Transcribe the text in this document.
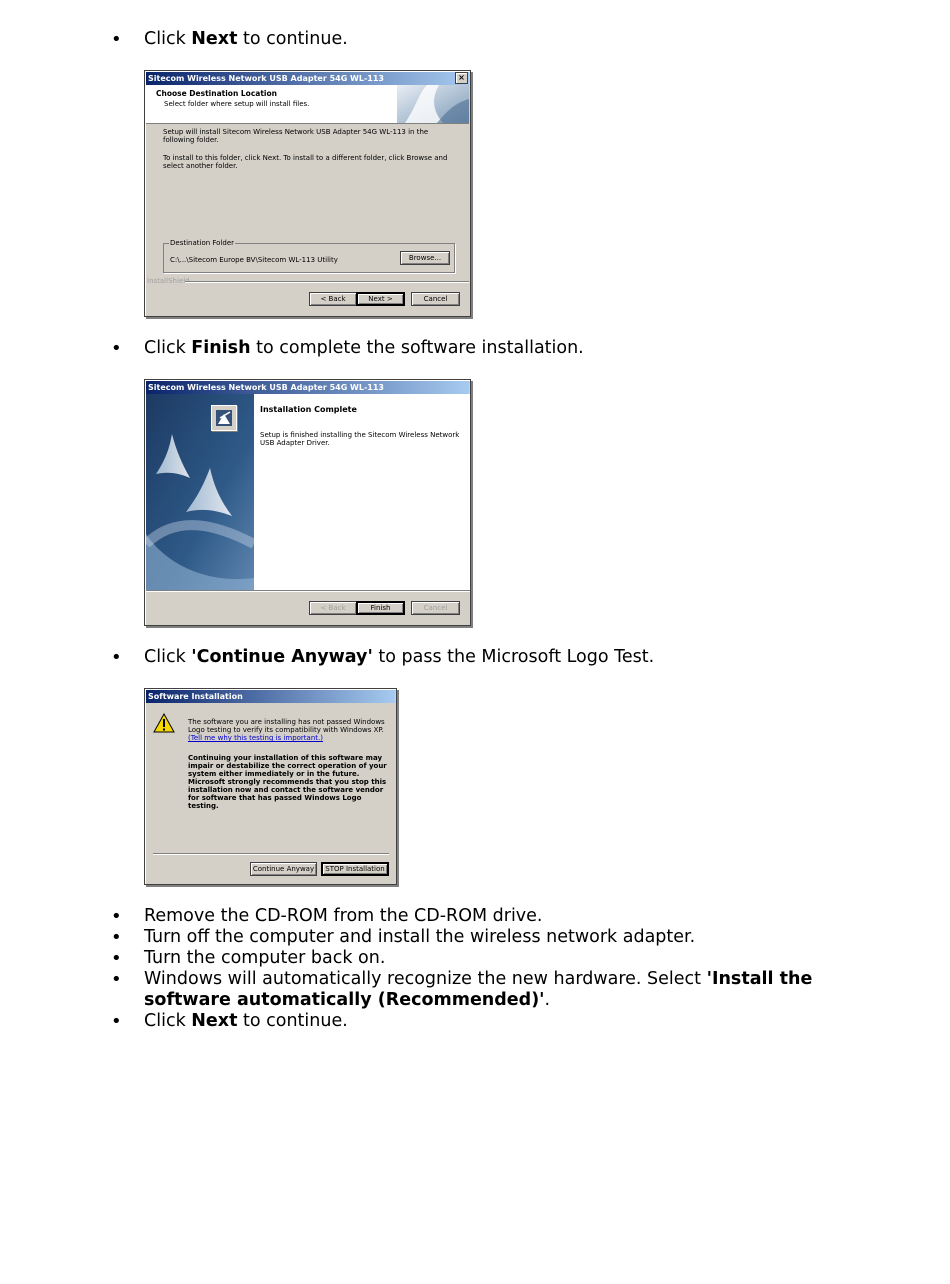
• Click Next to continue.
Sitecom Wireless Network USB Adapter 54G WL-113	×
Choose Destination Location
Select folder where setup will install files.
Setup will install Sitecom Wireless Network USB Adapter 54G WL-113 in the following folder.
To install to this folder, click Next. To install to a different folder, click Browse and select another folder.
Destination Folder
C:\...\Sitecom Europe BV\Sitecom WL-113 Utility	Browse...
InstallShield
< Back	Next >	Cancel
• Click Finish to complete the software installation.
Sitecom Wireless Network USB Adapter 54G WL-113
Installation Complete
Setup is finished installing the Sitecom Wireless Network USB Adapter Driver.
< Back	Finish	Cancel
• Click 'Continue Anyway' to pass the Microsoft Logo Test.
Software Installation
The software you are installing has not passed Windows Logo testing to verify its compatibility with Windows XP. (Tell me why this testing is important.)
Continuing your installation of this software may impair or destabilize the correct operation of your system either immediately or in the future. Microsoft strongly recommends that you stop this installation now and contact the software vendor for software that has passed Windows Logo testing.
Continue Anyway	STOP Installation
• Remove the CD-ROM from the CD-ROM drive.
• Turn off the computer and install the wireless network adapter.
• Turn the computer back on.
• Windows will automatically recognize the new hardware. Select 'Install the
software automatically (Recommended)'.
• Click Next to continue.
